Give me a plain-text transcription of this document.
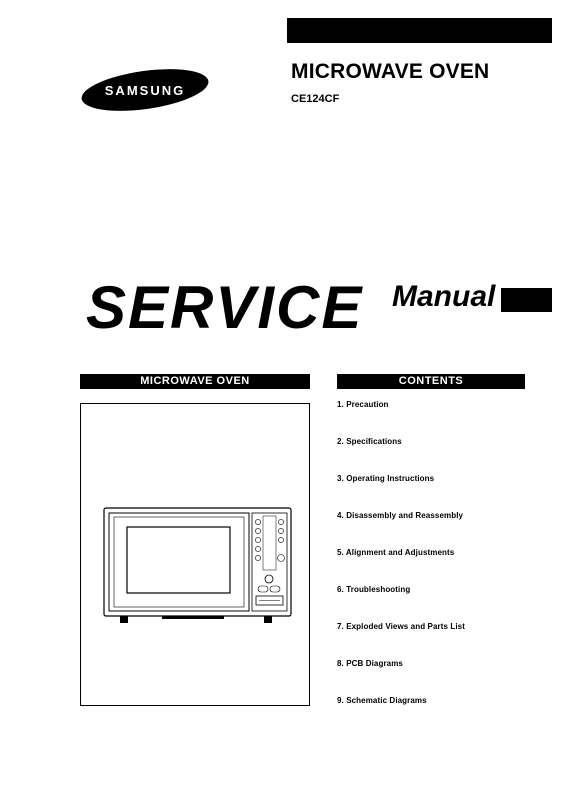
SAMSUNG
MICROWAVE OVEN
CE124CF
SERVICE Manual
MICROWAVE OVEN	CONTENTS
1. Precaution
2. Specifications
3. Operating Instructions
4. Disassembly and Reassembly
5. Alignment and Adjustments
6. Troubleshooting
7. Exploded Views and Parts List
8. PCB Diagrams
9. Schematic Diagrams
